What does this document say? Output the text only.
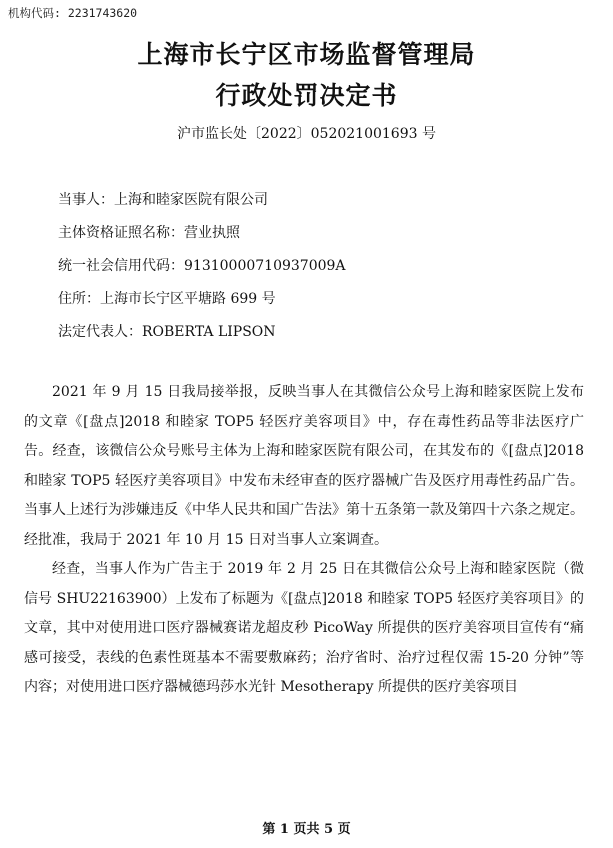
机构代码: 2231743620
上海市长宁区市场监督管理局
行政处罚决定书
沪市监长处〔2022〕052021001693 号
当事人：上海和睦家医院有限公司
主体资格证照名称：营业执照
统一社会信用代码：91310000710937009A
住所：上海市长宁区平塘路 699 号
法定代表人：ROBERTA LIPSON

2021 年 9 月 15 日我局接举报，反映当事人在其微信公众号上海和睦家医院上发布的文章《[盘点]2018 和睦家 TOP5 轻医疗美容项目》中，存在毒性药品等非法医疗广告。经查，该微信公众号账号主体为上海和睦家医院有限公司，在其发布的《[盘点]2018 和睦家 TOP5 轻医疗美容项目》中发布未经审查的医疗器械广告及医疗用毒性药品广告。当事人上述行为涉嫌违反《中华人民共和国广告法》第十五条第一款及第四十六条之规定。经批准，我局于 2021 年 10 月 15 日对当事人立案调查。

经查，当事人作为广告主于 2019 年 2 月 25 日在其微信公众号上海和睦家医院（微信号 SHU22163900）上发布了标题为《[盘点]2018 和睦家 TOP5 轻医疗美容项目》的文章，其中对使用进口医疗器械赛诺龙超皮秒 PicoWay 所提供的医疗美容项目宣传有“痛感可接受，表线的色素性斑基本不需要敷麻药；治疗省时、治疗过程仅需 15-20 分钟”等内容；对使用进口医疗器械德玛莎水光针 Mesotherapy 所提供的医疗美容项目

第 1 页共 5 页
